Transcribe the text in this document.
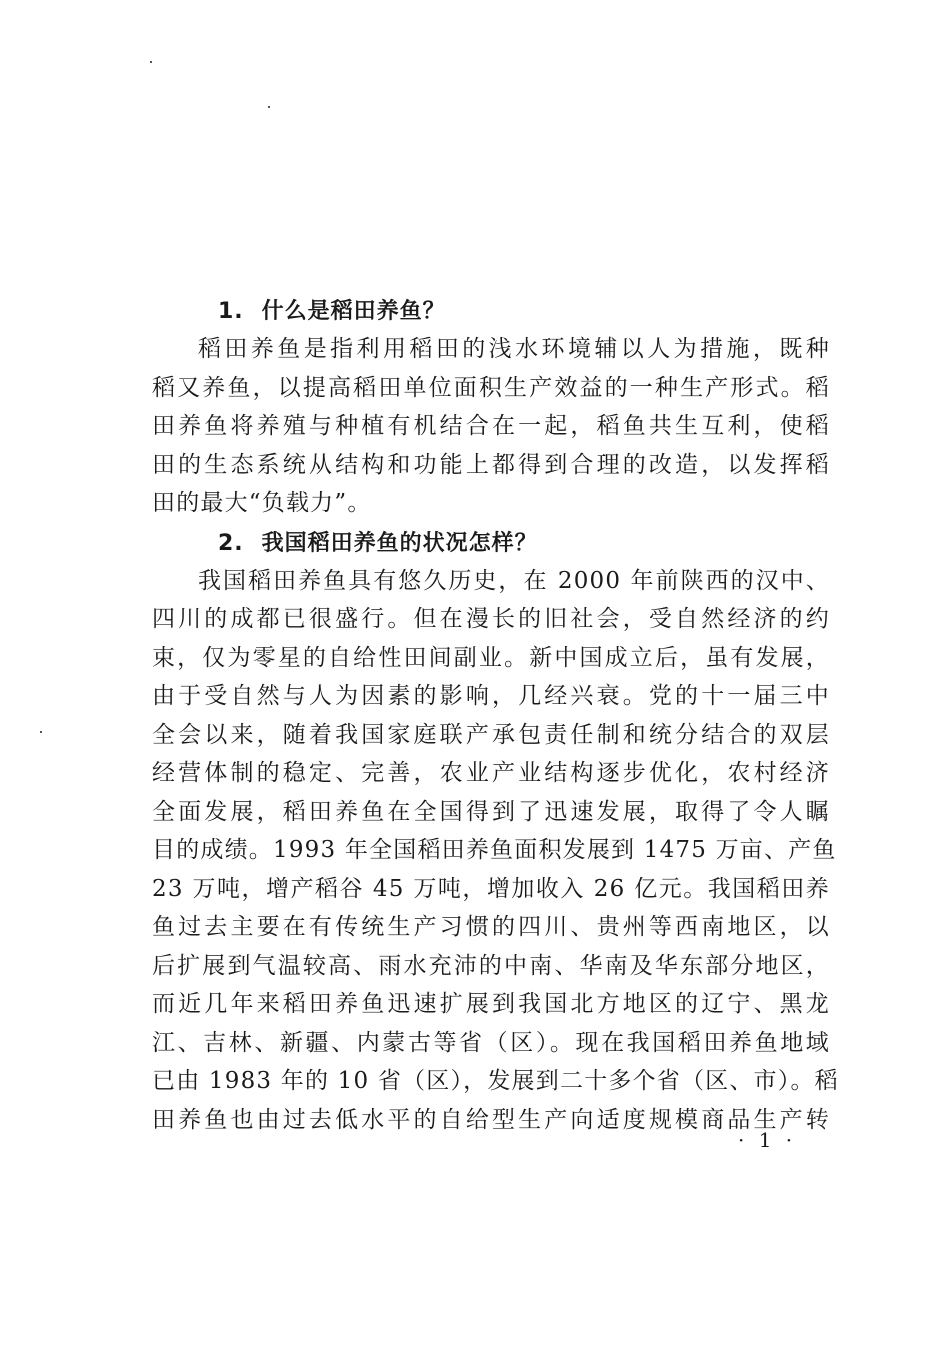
1. 什么是稻田养鱼？

稻田养鱼是指利用稻田的浅水环境辅以人为措施，既种
稻又养鱼，以提高稻田单位面积生产效益的一种生产形式。稻
田养鱼将养殖与种植有机结合在一起，稻鱼共生互利，使稻
田的生态系统从结构和功能上都得到合理的改造，以发挥稻
田的最大“负载力”。

2. 我国稻田养鱼的状况怎样？

我国稻田养鱼具有悠久历史，在 2000 年前陕西的汉中、
四川的成都已很盛行。但在漫长的旧社会，受自然经济的约
束，仅为零星的自给性田间副业。新中国成立后，虽有发展，
由于受自然与人为因素的影响，几经兴衰。党的十一届三中
全会以来，随着我国家庭联产承包责任制和统分结合的双层
经营体制的稳定、完善，农业产业结构逐步优化，农村经济
全面发展，稻田养鱼在全国得到了迅速发展，取得了令人瞩
目的成绩。1993 年全国稻田养鱼面积发展到 1475 万亩、产鱼
23 万吨，增产稻谷 45 万吨，增加收入 26 亿元。我国稻田养
鱼过去主要在有传统生产习惯的四川、贵州等西南地区，以
后扩展到气温较高、雨水充沛的中南、华南及华东部分地区，
而近几年来稻田养鱼迅速扩展到我国北方地区的辽宁、黑龙
江、吉林、新疆、内蒙古等省（区）。现在我国稻田养鱼地域
已由 1983 年的 10 省（区），发展到二十多个省（区、市）。稻
田养鱼也由过去低水平的自给型生产向适度规模商品生产转

· 1 ·
